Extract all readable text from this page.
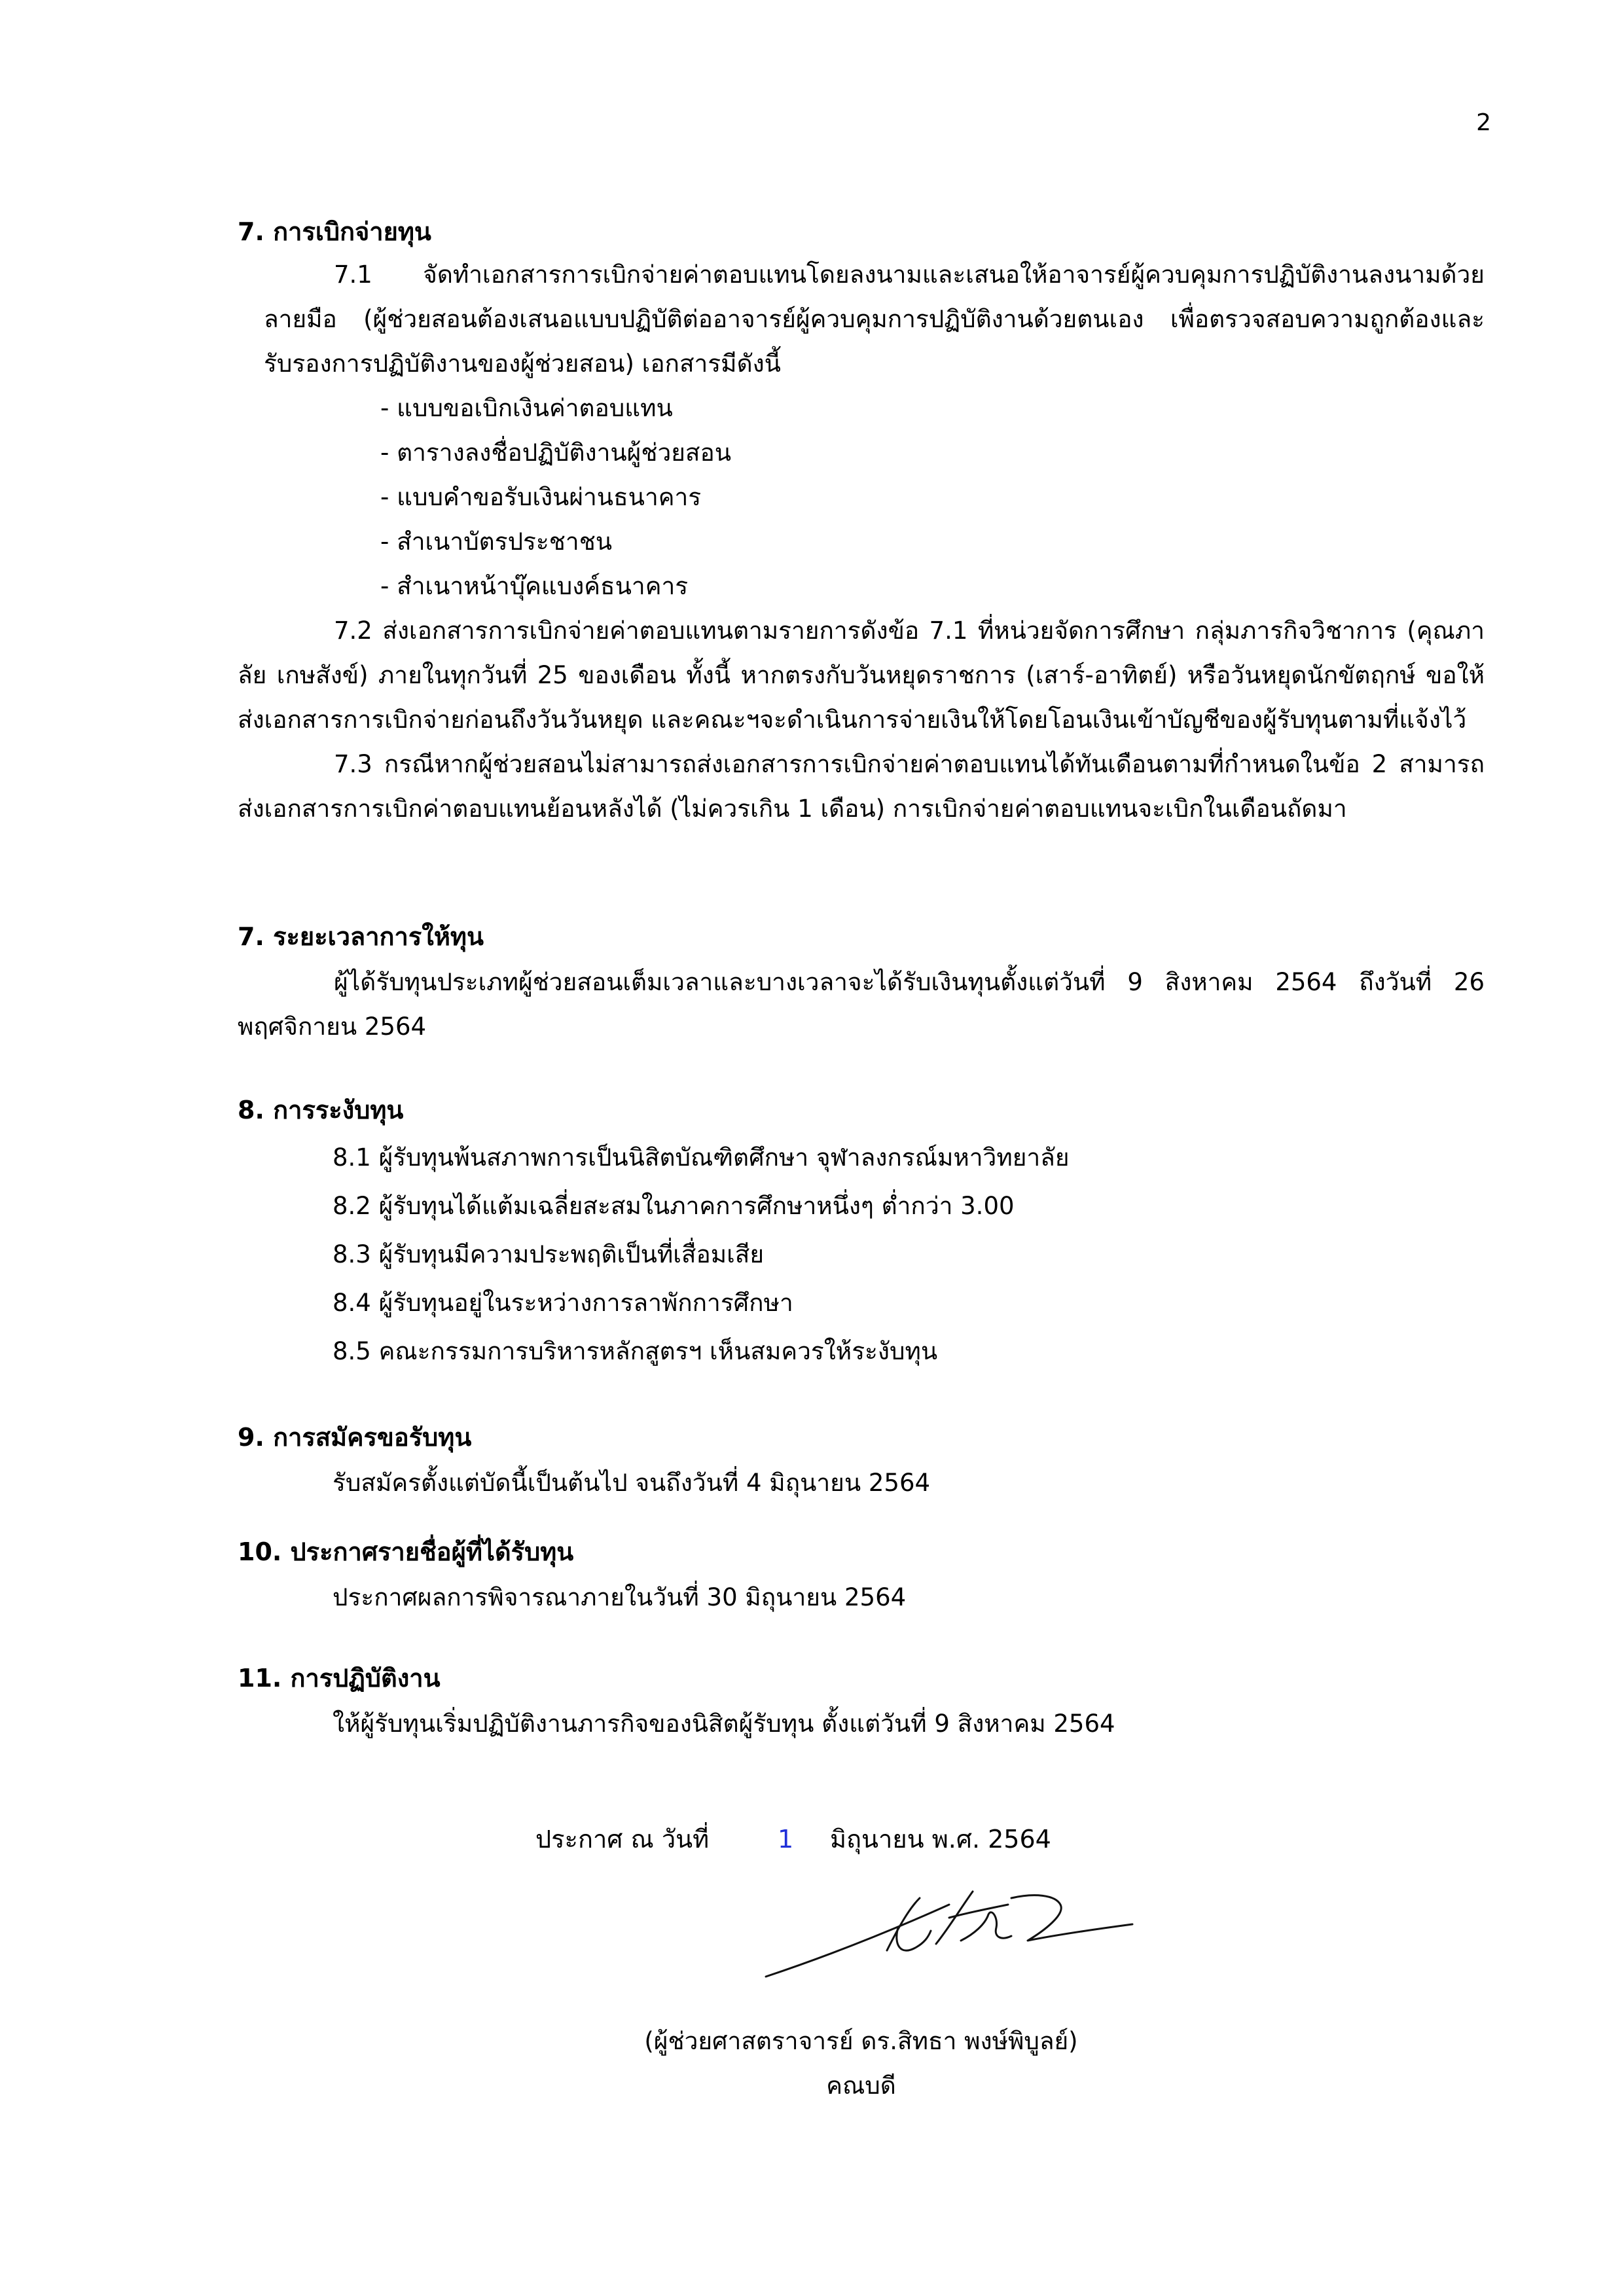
2
7. การเบิกจ่ายทุน
7.1 จัดทำเอกสารการเบิกจ่ายค่าตอบแทนโดยลงนามและเสนอให้อาจารย์ผู้ควบคุมการปฏิบัติงานลงนามด้วยลายมือ (ผู้ช่วยสอนต้องเสนอแบบปฏิบัติต่ออาจารย์ผู้ควบคุมการปฏิบัติงานด้วยตนเอง เพื่อตรวจสอบความถูกต้องและรับรองการปฏิบัติงานของผู้ช่วยสอน) เอกสารมีดังนี้
- แบบขอเบิกเงินค่าตอบแทน
- ตารางลงชื่อปฏิบัติงานผู้ช่วยสอน
- แบบคำขอรับเงินผ่านธนาคาร
- สำเนาบัตรประชาชน
- สำเนาหน้าบุ๊คแบงค์ธนาคาร
7.2 ส่งเอกสารการเบิกจ่ายค่าตอบแทนตามรายการดังข้อ 7.1 ที่หน่วยจัดการศึกษา กลุ่มภารกิจวิชาการ (คุณภาลัย เกษสังข์) ภายในทุกวันที่ 25 ของเดือน ทั้งนี้ หากตรงกับวันหยุดราชการ (เสาร์-อาทิตย์) หรือวันหยุดนักขัตฤกษ์ ขอให้ส่งเอกสารการเบิกจ่ายก่อนถึงวันวันหยุด และคณะฯจะดำเนินการจ่ายเงินให้โดยโอนเงินเข้าบัญชีของผู้รับทุนตามที่แจ้งไว้
7.3 กรณีหากผู้ช่วยสอนไม่สามารถส่งเอกสารการเบิกจ่ายค่าตอบแทนได้ทันเดือนตามที่กำหนดในข้อ 2 สามารถส่งเอกสารการเบิกค่าตอบแทนย้อนหลังได้ (ไม่ควรเกิน 1 เดือน) การเบิกจ่ายค่าตอบแทนจะเบิกในเดือนถัดมา
7. ระยะเวลาการให้ทุน
ผู้ได้รับทุนประเภทผู้ช่วยสอนเต็มเวลาและบางเวลาจะได้รับเงินทุนตั้งแต่วันที่ 9 สิงหาคม 2564 ถึงวันที่ 26 พฤศจิกายน 2564
8. การระงับทุน
8.1 ผู้รับทุนพ้นสภาพการเป็นนิสิตบัณฑิตศึกษา จุฬาลงกรณ์มหาวิทยาลัย
8.2 ผู้รับทุนได้แต้มเฉลี่ยสะสมในภาคการศึกษาหนึ่งๆ ต่ำกว่า 3.00
8.3 ผู้รับทุนมีความประพฤติเป็นที่เสื่อมเสีย
8.4 ผู้รับทุนอยู่ในระหว่างการลาพักการศึกษา
8.5 คณะกรรมการบริหารหลักสูตรฯ เห็นสมควรให้ระงับทุน
9. การสมัครขอรับทุน
รับสมัครตั้งแต่บัดนี้เป็นต้นไป จนถึงวันที่ 4 มิถุนายน 2564
10. ประกาศรายชื่อผู้ที่ได้รับทุน
ประกาศผลการพิจารณาภายในวันที่ 30 มิถุนายน 2564
11. การปฏิบัติงาน
ให้ผู้รับทุนเริ่มปฏิบัติงานภารกิจของนิสิตผู้รับทุน ตั้งแต่วันที่ 9 สิงหาคม 2564
ประกาศ ณ วันที่	1 มิถุนายน พ.ศ. 2564
(ผู้ช่วยศาสตราจารย์ ดร.สิทธา พงษ์พิบูลย์)
คณบดี
